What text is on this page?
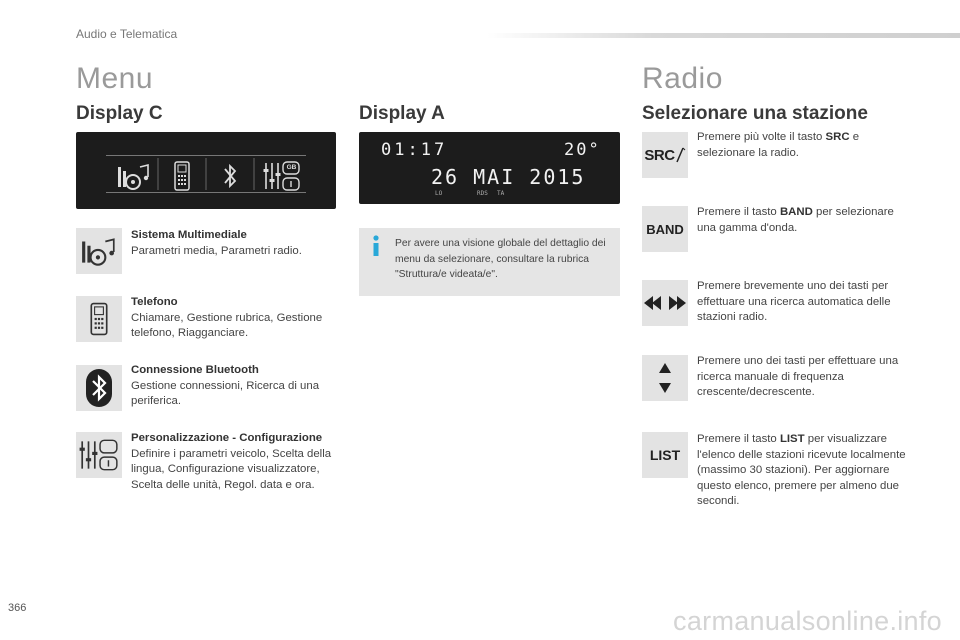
Audio e Telematica
Menu	Radio
Display C	Display A	Selezionare una stazione
GB
Sistema Multimediale
Parametri media, Parametri radio.
Telefono
Chiamare, Gestione rubrica, Gestione telefono, Riagganciare.
Connessione Bluetooth
Gestione connessioni, Ricerca di una periferica.
Personalizzazione - Configurazione
Definire i parametri veicolo, Scelta della lingua, Configurazione visualizzatore, Scelta delle unità, Regol. data e ora.
01:17	20°
26 MAI 2015
LO	RDS TA
Per avere una visione globale del dettaglio dei menu da selezionare, consultare la rubrica "Struttura/e videata/e".
SRC
Premere più volte il tasto SRC e selezionare la radio.
BAND
Premere il tasto BAND per selezionare una gamma d'onda.
Premere brevemente uno dei tasti per effettuare una ricerca automatica delle stazioni radio.
Premere uno dei tasti per effettuare una ricerca manuale di frequenza crescente/decrescente.
LIST
Premere il tasto LIST per visualizzare l'elenco delle stazioni ricevute localmente (massimo 30 stazioni). Per aggiornare questo elenco, premere per almeno due secondi.
366	carmanualsonline.info
